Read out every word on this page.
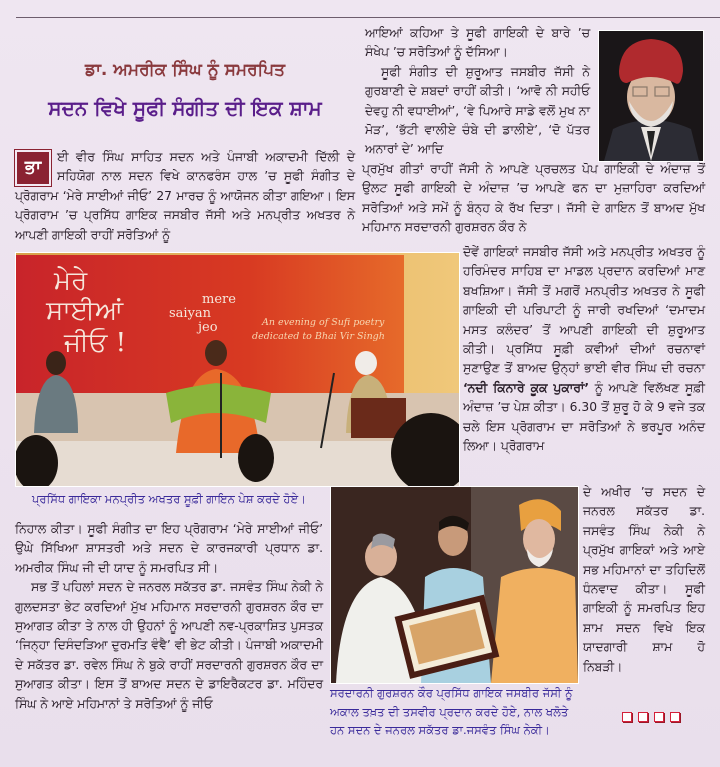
ਡਾ. ਅਮਰੀਕ ਸਿੰਘ ਨੂੰ ਸਮਰਪਿਤ
ਸਦਨ ਵਿਖੇ ਸੂਫੀ ਸੰਗੀਤ ਦੀ ਇਕ ਸ਼ਾਮ
ਭਾ	ਈ ਵੀਰ ਸਿੰਘ ਸਾਹਿਤ ਸਦਨ ਅਤੇ ਪੰਜਾਬੀ ਅਕਾਦਮੀ ਦਿੱਲੀ ਦੇ ਸਹਿਯੋਗ ਨਾਲ ਸਦਨ ਵਿਖੇ ਕਾਨਫਰੰਸ ਹਾਲ ’ਚ ਸੂਫੀ ਸੰਗੀਤ ਦੇ ਪ੍ਰੋਗਰਾਮ ‘ਮੇਰੇ ਸਾਈਆਂ ਜੀਓ’ 27 ਮਾਰਚ ਨੂੰ ਆਯੋਜਨ ਕੀਤਾ ਗਇਆ। ਇਸ ਪ੍ਰੋਗਰਾਮ ’ਚ ਪ੍ਰਸਿੱਧ ਗਾਇਕ ਜਸਬੀਰ ਜੱਸੀ ਅਤੇ ਮਨਪ੍ਰੀਤ ਅਖਤਰ ਨੇ ਆਪਣੀ ਗਾਇਕੀ ਰਾਹੀਂ ਸਰੋਤਿਆਂ ਨੂੰ

ਆਇਆਂ ਕਹਿਆ ਤੇ ਸੂਫੀ ਗਾਇਕੀ ਦੇ ਬਾਰੇ ’ਚ ਸੰਖੇਪ ’ਚ ਸਰੋਤਿਆਂ ਨੂੰ ਦੱਸਿਆ।

ਸੂਫੀ ਸੰਗੀਤ ਦੀ ਸ਼ੁਰੂਆਤ ਜਸਬੀਰ ਜੱਸੀ ਨੇ ਗੁਰਬਾਣੀ ਦੇ ਸ਼ਬਦਾਂ ਰਾਹੀਂ ਕੀਤੀ। ‘ਆਵੋ ਨੀ ਸਹੀਓ ਦੇਵਹੁ ਨੀ ਵਧਾਈਆਂ’, ‘ਵੇ ਪਿਆਰੇ ਸਾਡੇ ਵਲੋਂ ਮੁਖ ਨਾ ਮੋੜ’, ‘ਭੱਟੀ ਵਾਲੀਏ ਚੰਬੇ ਦੀ ਡਾਲੀਏ’, ‘ਦੋ ਪੱਤਰ ਅਨਾਰਾਂ ਦੇ’ ਆਦਿ

ਪ੍ਰਮੁੱਖ ਗੀਤਾਂ ਰਾਹੀਂ ਜੱਸੀ ਨੇ ਆਪਣੇ ਪ੍ਰਚਲਤ ਪੋਪ ਗਾਇਕੀ ਦੇ ਅੰਦਾਜ਼ ਤੋਂ ਉਲਟ ਸੂਫੀ ਗਾਇਕੀ ਦੇ ਅੰਦਾਜ਼ ’ਚ ਆਪਣੇ ਫਨ ਦਾ ਮੁਜ਼ਾਹਿਰਾ ਕਰਦਿਆਂ ਸਰੋਤਿਆਂ ਅਤੇ ਸਮੇਂ ਨੂੰ ਬੰਨ੍ਹ ਕੇ ਰੱਖ ਦਿਤਾ। ਜੱਸੀ ਦੇ ਗਾਇਨ ਤੋਂ ਬਾਅਦ ਮੁੱਖ ਮਹਿਮਾਨ ਸਰਦਾਰਨੀ ਗੁਰਸ਼ਰਨ ਕੌਰ ਨੇ

ਮੇਰੇ
ਸਾਈਆਂ
ਜੀਓ !
mere
saiyan
jeo	An evening of Sufi poetry
dedicated to Bhai Vir Singh
ਦੋਵੇਂ ਗਾਇਕਾਂ ਜਸਬੀਰ ਜੱਸੀ ਅਤੇ ਮਨਪ੍ਰੀਤ ਅਖਤਰ ਨੂੰ ਹਰਿਮੰਦਰ ਸਾਹਿਬ ਦਾ ਮਾਡਲ ਪ੍ਰਦਾਨ ਕਰਦਿਆਂ ਮਾਣ ਬਖਸ਼ਿਆ। ਜੱਸੀ ਤੋਂ ਮਗਰੋਂ ਮਨਪ੍ਰੀਤ ਅਖਤਰ ਨੇ ਸੂਫੀ ਗਾਇਕੀ ਦੀ ਪਰਿਪਾਟੀ ਨੂੰ ਜਾਰੀ ਰਖਦਿਆਂ ‘ਦਮਾਦਮ ਮਸਤ ਕਲੰਦਰ’ ਤੋਂ ਆਪਣੀ ਗਾਇਕੀ ਦੀ ਸ਼ੁਰੂਆਤ ਕੀਤੀ। ਪ੍ਰਸਿੱਧ ਸੂਫ਼ੀ ਕਵੀਆਂ ਦੀਆਂ ਰਚਨਾਵਾਂ ਸੁਣਾਉਣ ਤੋਂ ਬਾਅਦ ਉਨ੍ਹਾਂ ਭਾਈ ਵੀਰ ਸਿੰਘ ਦੀ ਰਚਨਾ ‘ਨਦੀ ਕਿਨਾਰੇ ਕੂਕ ਪੁਕਾਰਾਂ’ ਨੂੰ ਆਪਣੇ ਵਿਲੱਖਣ ਸੂਫ਼ੀ ਅੰਦਾਜ਼ ’ਚ ਪੇਸ਼ ਕੀਤਾ। 6.30 ਤੋਂ ਸ਼ੁਰੂ ਹੋ ਕੇ 9 ਵਜੇ ਤਕ ਚਲੇ ਇਸ ਪ੍ਰੋਗਰਾਮ ਦਾ ਸਰੋਤਿਆਂ ਨੇ ਭਰਪੂਰ ਅਨੰਦ ਲਿਆ। ਪ੍ਰੋਗਰਾਮ
ਪ੍ਰਸਿੱਧ ਗਾਇਕਾ ਮਨਪ੍ਰੀਤ ਅਖਤਰ ਸੂਫ਼ੀ ਗਾਇਨ ਪੇਸ਼ ਕਰਦੇ ਹੋਏ।

ਨਿਹਾਲ ਕੀਤਾ। ਸੂਫੀ ਸੰਗੀਤ ਦਾ ਇਹ ਪ੍ਰੋਗਰਾਮ ‘ਮੇਰੇ ਸਾਈਆਂ ਜੀਓ’ ਉਘੇ ਸਿੱਖਿਆ ਸ਼ਾਸਤਰੀ ਅਤੇ ਸਦਨ ਦੇ ਕਾਰਜਕਾਰੀ ਪ੍ਰਧਾਨ ਡਾ. ਅਮਰੀਕ ਸਿੰਘ ਜੀ ਦੀ ਯਾਦ ਨੂੰ ਸਮਰਪਿਤ ਸੀ।

ਸਭ ਤੋਂ ਪਹਿਲਾਂ ਸਦਨ ਦੇ ਜਨਰਲ ਸਕੱਤਰ ਡਾ. ਜਸਵੰਤ ਸਿੰਘ ਨੇਕੀ ਨੇ ਗੁਲਦਸਤਾ ਭੇਟ ਕਰਦਿਆਂ ਮੁੱਖ ਮਹਿਮਾਨ ਸਰਦਾਰਨੀ ਗੁਰਸ਼ਰਨ ਕੌਰ ਦਾ ਸੁਆਗਤ ਕੀਤਾ ਤੇ ਨਾਲ ਹੀ ਉਹਨਾਂ ਨੂੰ ਆਪਣੀ ਨਵ-ਪ੍ਰਕਾਸ਼ਿਤ ਪੁਸਤਕ ‘ਜਿਨ੍ਹਾ ਦਿਸੰਦੜਿਆ ਦੁਰਮਤਿ ਵੰਞੈ’ ਵੀ ਭੇਟ ਕੀਤੀ। ਪੰਜਾਬੀ ਅਕਾਦਮੀ ਦੇ ਸਕੱਤਰ ਡਾ. ਰਵੇਲ ਸਿੰਘ ਨੇ ਬੁਕੇ ਰਾਹੀਂ ਸਰਦਾਰਨੀ ਗੁਰਸ਼ਰਨ ਕੌਰ ਦਾ ਸੁਆਗਤ ਕੀਤਾ। ਇਸ ਤੋਂ ਬਾਅਦ ਸਦਨ ਦੇ ਡਾਇਰੈਕਟਰ ਡਾ. ਮਹਿੰਦਰ ਸਿੰਘ ਨੇ ਆਏ ਮਹਿਮਾਨਾਂ ਤੇ ਸਰੋਤਿਆਂ ਨੂੰ ਜੀਓ

ਸਰਦਾਰਨੀ ਗੁਰਸ਼ਰਨ ਕੌਰ ਪ੍ਰਸਿੱਧ ਗਾਇਕ ਜਸਬੀਰ ਜੱਸੀ ਨੂੰ ਅਕਾਲ ਤਖ਼ਤ ਦੀ ਤਸਵੀਰ ਪ੍ਰਦਾਨ ਕਰਦੇ ਹੋਏ, ਨਾਲ ਖਲੋਤੇ ਹਨ ਸਦਨ ਦੇ ਜਨਰਲ ਸਕੱਤਰ ਡਾ.ਜਸਵੰਤ ਸਿੰਘ ਨੇਕੀ।

ਦੇ ਅਖੀਰ ’ਚ ਸਦਨ ਦੇ ਜਨਰਲ ਸਕੱਤਰ ਡਾ. ਜਸਵੰਤ ਸਿੰਘ ਨੇਕੀ ਨੇ ਪ੍ਰਮੁੱਖ ਗਾਇਕਾਂ ਅਤੇ ਆਏ ਸਭ ਮਹਿਮਾਨਾਂ ਦਾ ਤਹਿਦਿਲੋਂ ਧੰਨਵਾਦ ਕੀਤਾ। ਸੂਫੀ ਗਾਇਕੀ ਨੂੰ ਸਮਰਪਿਤ ਇਹ ਸ਼ਾਮ ਸਦਨ ਵਿਖੇ ਇਕ ਯਾਦਗਾਰੀ ਸ਼ਾਮ ਹੋ ਨਿਬੜੀ।
